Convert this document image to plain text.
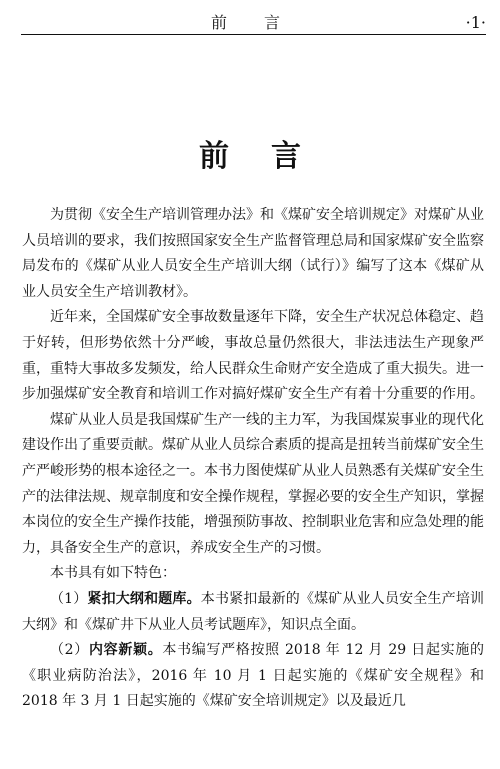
前 言	·1·
前言

为贯彻《安全生产培训管理办法》和《煤矿安全培训规定》对煤矿从业人员培训的要求，我们按照国家安全生产监督管理总局和国家煤矿安全监察局发布的《煤矿从业人员安全生产培训大纲（试行）》编写了这本《煤矿从业人员安全生产培训教材》。

近年来，全国煤矿安全事故数量逐年下降，安全生产状况总体稳定、趋于好转，但形势依然十分严峻，事故总量仍然很大，非法违法生产现象严重，重特大事故多发频发，给人民群众生命财产安全造成了重大损失。进一步加强煤矿安全教育和培训工作对搞好煤矿安全生产有着十分重要的作用。

煤矿从业人员是我国煤矿生产一线的主力军，为我国煤炭事业的现代化建设作出了重要贡献。煤矿从业人员综合素质的提高是扭转当前煤矿安全生产严峻形势的根本途径之一。本书力图使煤矿从业人员熟悉有关煤矿安全生产的法律法规、规章制度和安全操作规程，掌握必要的安全生产知识，掌握本岗位的安全生产操作技能，增强预防事故、控制职业危害和应急处理的能力，具备安全生产的意识，养成安全生产的习惯。

本书具有如下特色：

（1）紧扣大纲和题库。本书紧扣最新的《煤矿从业人员安全生产培训大纲》和《煤矿井下从业人员考试题库》，知识点全面。

（2）内容新颖。本书编写严格按照 2018 年 12 月 29 日起实施的《职业病防治法》，2016 年 10 月 1 日起实施的《煤矿安全规程》和 2018 年 3 月 1 日起实施的《煤矿安全培训规定》以及最近几
